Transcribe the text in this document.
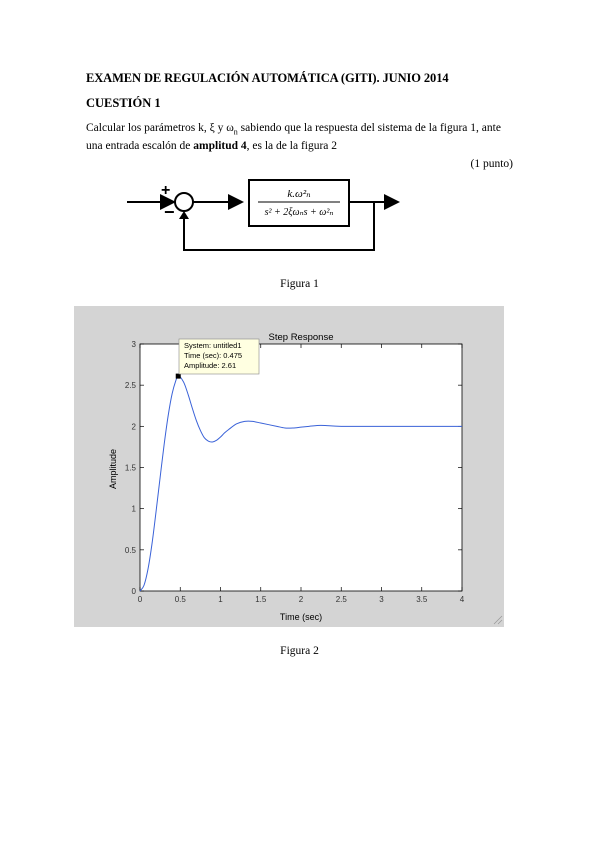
EXAMEN DE REGULACIÓN AUTOMÁTICA (GITI). JUNIO 2014
CUESTIÓN 1
Calcular los parámetros k, ξ y $\omega_n$ sabiendo que la respuesta del sistema de la figura 1, ante una entrada escalón de amplitud 4, es la de la figura 2
(1 punto)
+
−
k.ω²ₙ
s² + 2ξωₙs + ω²ₙ
Figura 1
Step Response
Time (sec)
Amplitude
0	0.5	1	1.5	2	2.5	3	3.5	4
0
0.5
1
1.5
2
2.5
3	System: untitled1
Time (sec): 0.475
Amplitude: 2.61
Figura 2
